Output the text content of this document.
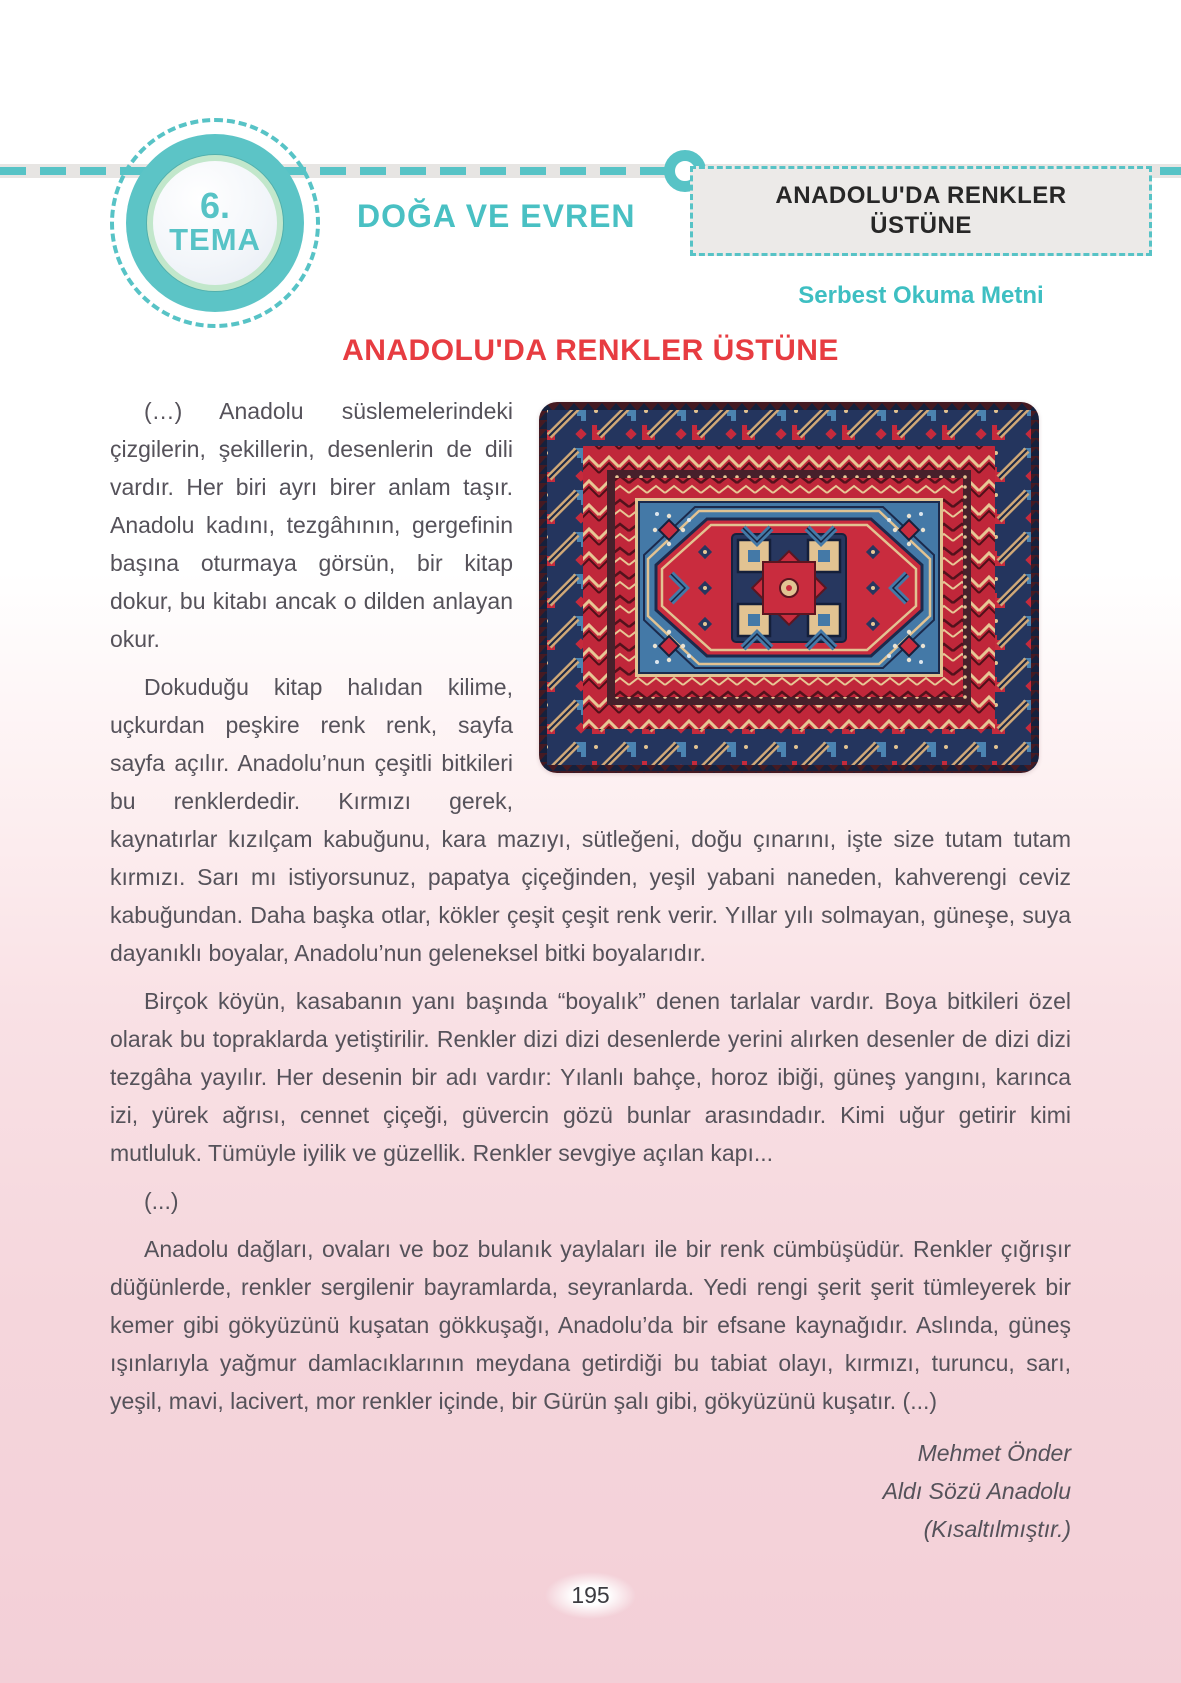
6.
TEMA
DOĞA VE EVREN
ANADOLU'DA RENKLER
ÜSTÜNE
Serbest Okuma Metni
ANADOLU'DA RENKLER ÜSTÜNE

(…) Anadolu süslemelerindeki çizgilerin, şekillerin, desenlerin de dili vardır. Her biri ayrı birer anlam taşır. Anadolu kadını, tezgâhının, gergefinin başına oturmaya görsün, bir kitap dokur, bu kitabı ancak o dilden anlayan okur.

Dokuduğu kitap halıdan kilime, uçkurdan peşkire renk renk, sayfa sayfa açılır. Anadolu’nun çeşitli bitkileri bu renklerdedir. Kırmızı gerek, kaynatırlar kızılçam kabuğunu, kara mazıyı, sütleğeni, doğu çınarını, işte size tutam tutam kırmızı. Sarı mı istiyorsunuz, papatya çiçeğinden, yeşil yabani naneden, kahverengi ceviz kabuğundan. Daha başka otlar, kökler çeşit çeşit renk verir. Yıllar yılı solmayan, güneşe, suya dayanıklı boyalar, Anadolu’nun geleneksel bitki boyalarıdır.

Birçok köyün, kasabanın yanı başında “boyalık” denen tarlalar vardır. Boya bitkileri özel olarak bu topraklarda yetiştirilir. Renkler dizi dizi desenlerde yerini alırken desenler de dizi dizi tezgâha yayılır. Her desenin bir adı vardır: Yılanlı bahçe, horoz ibiği, güneş yangını, karınca izi, yürek ağrısı, cennet çiçeği, güvercin gözü bunlar arasındadır. Kimi uğur getirir kimi mutluluk. Tümüyle iyilik ve güzellik. Renkler sevgiye açılan kapı...

(...)

Anadolu dağları, ovaları ve boz bulanık yaylaları ile bir renk cümbüşüdür. Renkler çığrışır düğünlerde, renkler sergilenir bayramlarda, seyranlarda. Yedi rengi şerit şerit tümleyerek bir kemer gibi gökyüzünü kuşatan gökkuşağı, Anadolu’da bir efsane kaynağıdır. Aslında, güneş ışınlarıyla yağmur damlacıklarının meydana getirdiği bu tabiat olayı, kırmızı, turuncu, sarı, yeşil, mavi, lacivert, mor renkler içinde, bir Gürün şalı gibi, gökyüzünü kuşatır. (...)

Mehmet Önder
Aldı Sözü Anadolu
(Kısaltılmıştır.)
195
